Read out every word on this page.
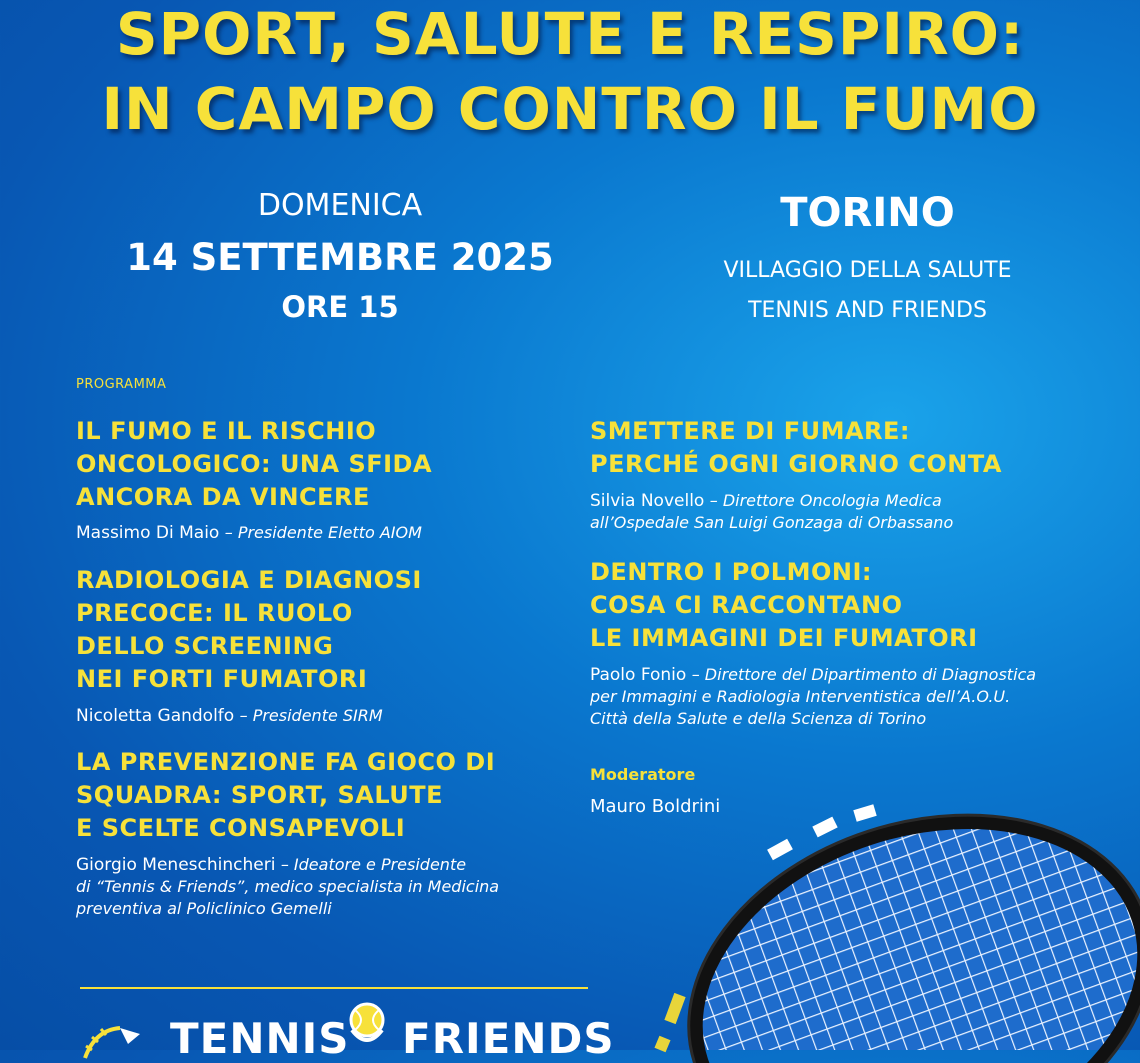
SPORT, SALUTE E RESPIRO:
IN CAMPO CONTRO IL FUMO
DOMENICA
14 SETTEMBRE 2025
ORE 15
TORINO
VILLAGGIO DELLA SALUTE
TENNIS AND FRIENDS
PROGRAMMA
IL FUMO E IL RISCHIO
ONCOLOGICO: UNA SFIDA
ANCORA DA VINCERE
Massimo Di Maio – Presidente Eletto AIOM
RADIOLOGIA E DIAGNOSI
PRECOCE: IL RUOLO
DELLO SCREENING
NEI FORTI FUMATORI
Nicoletta Gandolfo – Presidente SIRM
LA PREVENZIONE FA GIOCO DI
SQUADRA: SPORT, SALUTE
E SCELTE CONSAPEVOLI
Giorgio Meneschincheri – Ideatore e Presidente
di “Tennis & Friends”, medico specialista in Medicina
preventiva al Policlinico Gemelli
SMETTERE DI FUMARE:
PERCHÉ OGNI GIORNO CONTA
Silvia Novello – Direttore Oncologia Medica
all’Ospedale San Luigi Gonzaga di Orbassano
DENTRO I POLMONI:
COSA CI RACCONTANO
LE IMMAGINI DEI FUMATORI
Paolo Fonio – Direttore del Dipartimento di Diagnostica
per Immagini e Radiologia Interventistica dell’A.O.U.
Città della Salute e della Scienza di Torino
Moderatore
Mauro Boldrini
TENNIS FRIENDS
